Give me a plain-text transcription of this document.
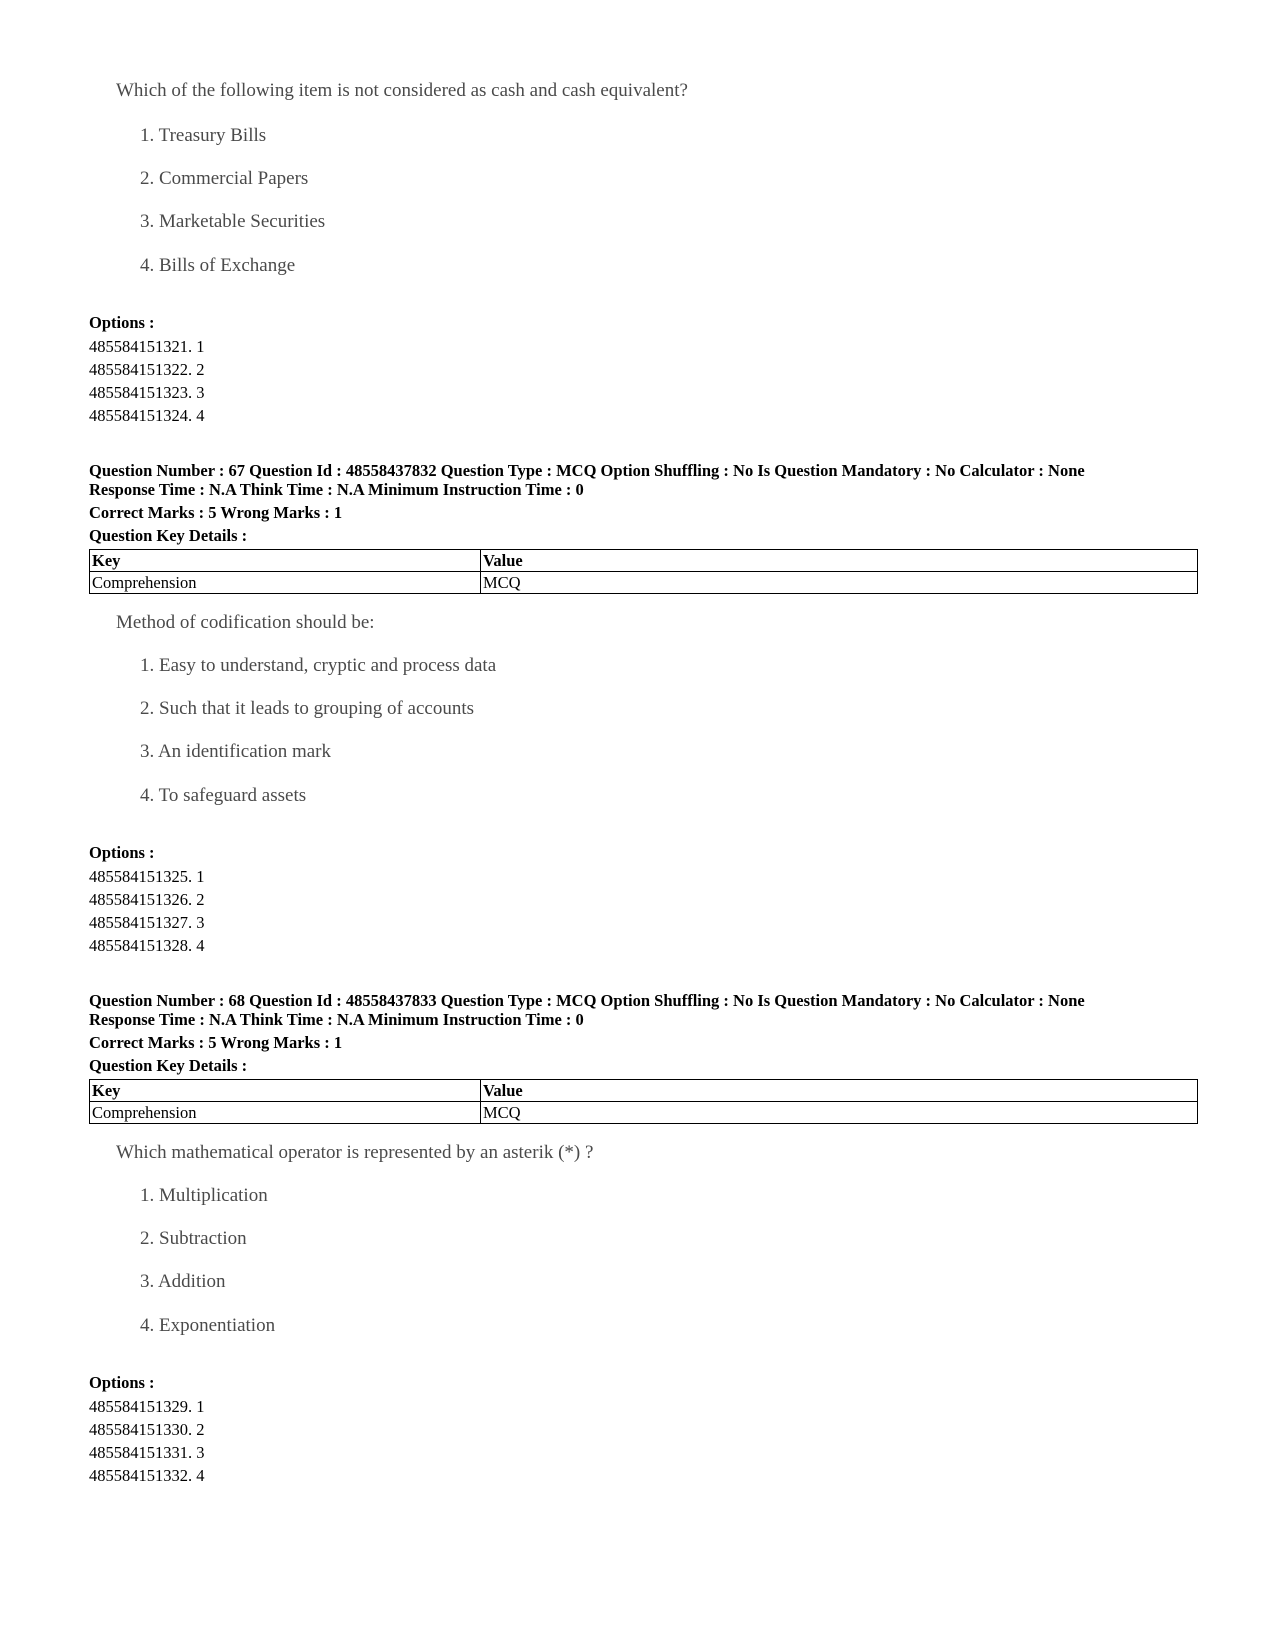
Which of the following item is not considered as cash and cash equivalent?
1. Treasury Bills
2. Commercial Papers
3. Marketable Securities
4. Bills of Exchange
Options :
485584151321. 1
485584151322. 2
485584151323. 3
485584151324. 4
Question Number : 67 Question Id : 48558437832 Question Type : MCQ Option Shuffling : No Is Question Mandatory : No Calculator : None
Response Time : N.A Think Time : N.A Minimum Instruction Time : 0
Correct Marks : 5 Wrong Marks : 1
Question Key Details :
Key	Value
Comprehension	MCQ
Method of codification should be:
1. Easy to understand, cryptic and process data
2. Such that it leads to grouping of accounts
3. An identification mark
4. To safeguard assets
Options :
485584151325. 1
485584151326. 2
485584151327. 3
485584151328. 4
Question Number : 68 Question Id : 48558437833 Question Type : MCQ Option Shuffling : No Is Question Mandatory : No Calculator : None
Response Time : N.A Think Time : N.A Minimum Instruction Time : 0
Correct Marks : 5 Wrong Marks : 1
Question Key Details :
Key	Value
Comprehension	MCQ
Which mathematical operator is represented by an asterik (*) ?
1. Multiplication
2. Subtraction
3. Addition
4. Exponentiation
Options :
485584151329. 1
485584151330. 2
485584151331. 3
485584151332. 4
